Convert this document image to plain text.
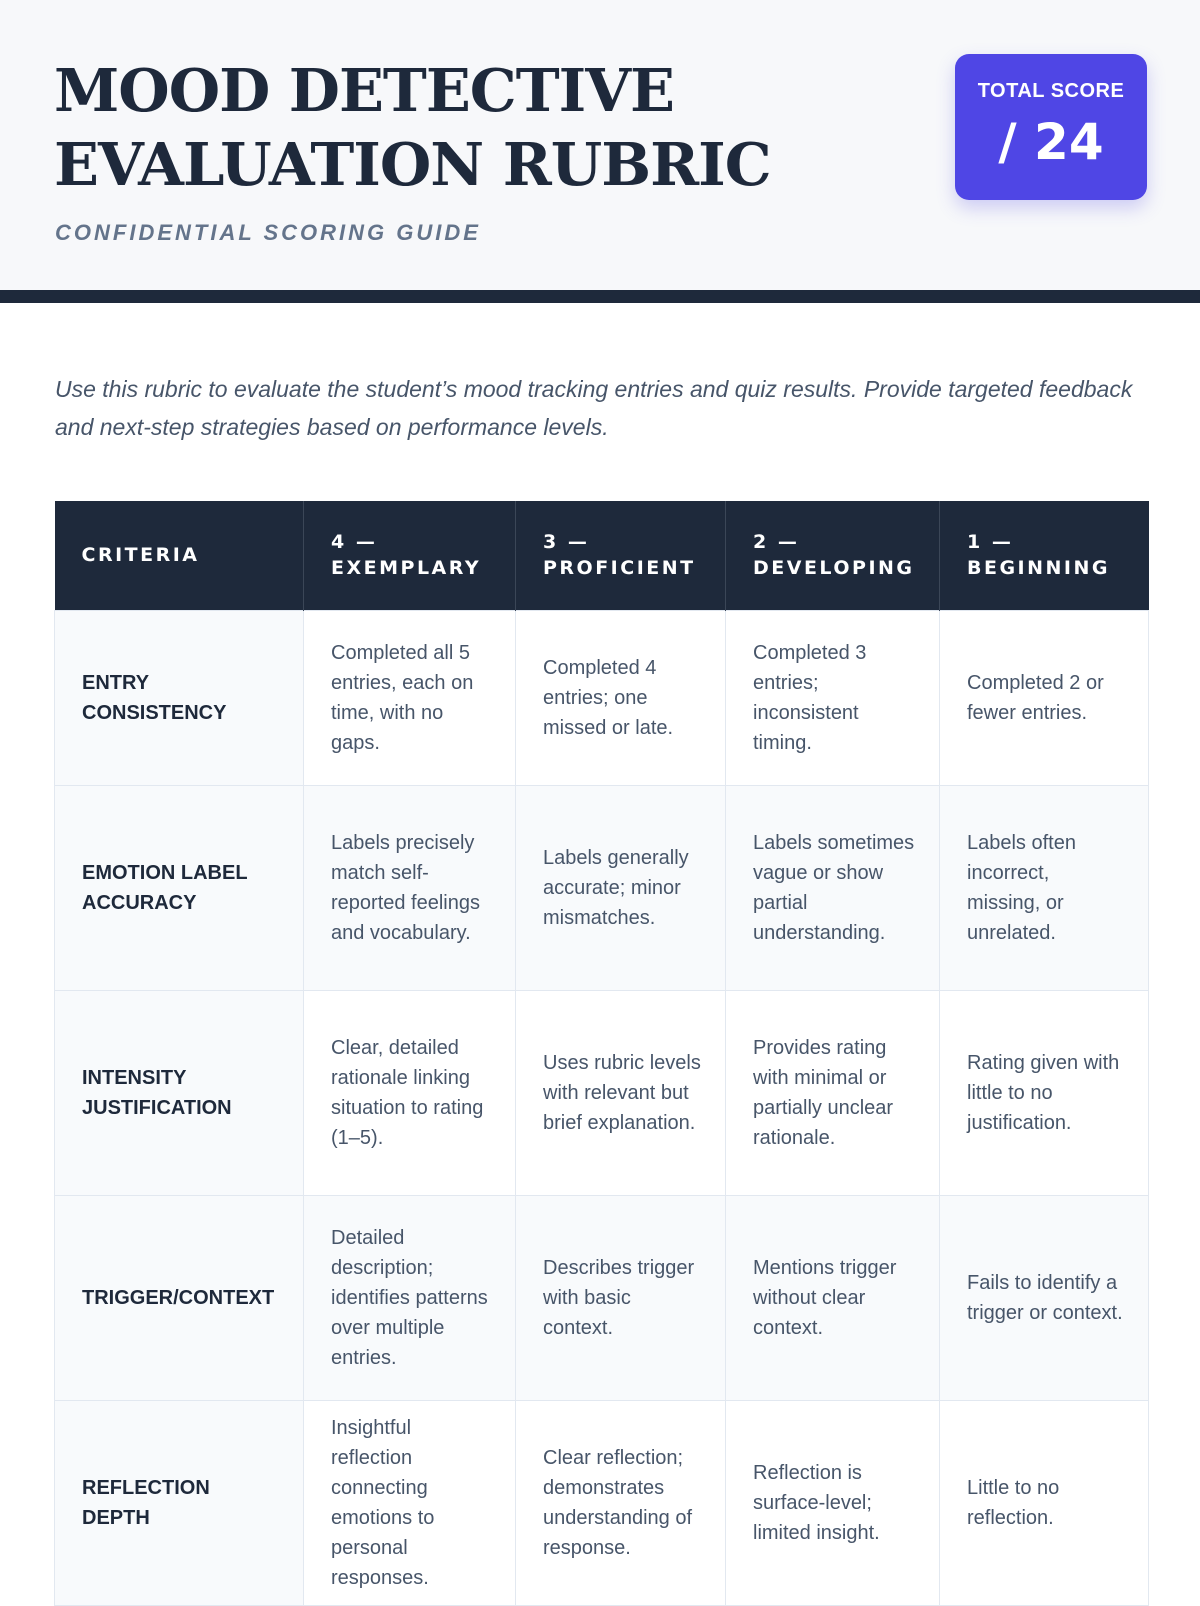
MOOD DETECTIVE EVALUATION RUBRIC
CONFIDENTIAL SCORING GUIDE
TOTAL SCORE
/ 24

Use this rubric to evaluate the student’s mood tracking entries and quiz results. Provide targeted feedback and next-step strategies based on performance levels.

CRITERIA	4 — EXEMPLARY	3 — PROFICIENT	2 — DEVELOPING	1 — BEGINNING
ENTRY CONSISTENCY	Completed all 5 entries, each on time, with no gaps.	Completed 4 entries; one missed or late.	Completed 3 entries; inconsistent timing.	Completed 2 or fewer entries.
EMOTION LABEL ACCURACY	Labels precisely match self-reported feelings and vocabulary.	Labels generally accurate; minor mismatches.	Labels sometimes vague or show partial understanding.	Labels often incorrect, missing, or unrelated.
INTENSITY JUSTIFICATION	Clear, detailed rationale linking situation to rating (1–5).	Uses rubric levels with relevant but brief explanation.	Provides rating with minimal or partially unclear rationale.	Rating given with little to no justification.
TRIGGER/CONTEXT	Detailed description; identifies patterns over multiple entries.	Describes trigger with basic context.	Mentions trigger without clear context.	Fails to identify a trigger or context.
REFLECTION DEPTH	Insightful reflection connecting emotions to personal responses.	Clear reflection; demonstrates understanding of response.	Reflection is surface-level; limited insight.	Little to no reflection.
